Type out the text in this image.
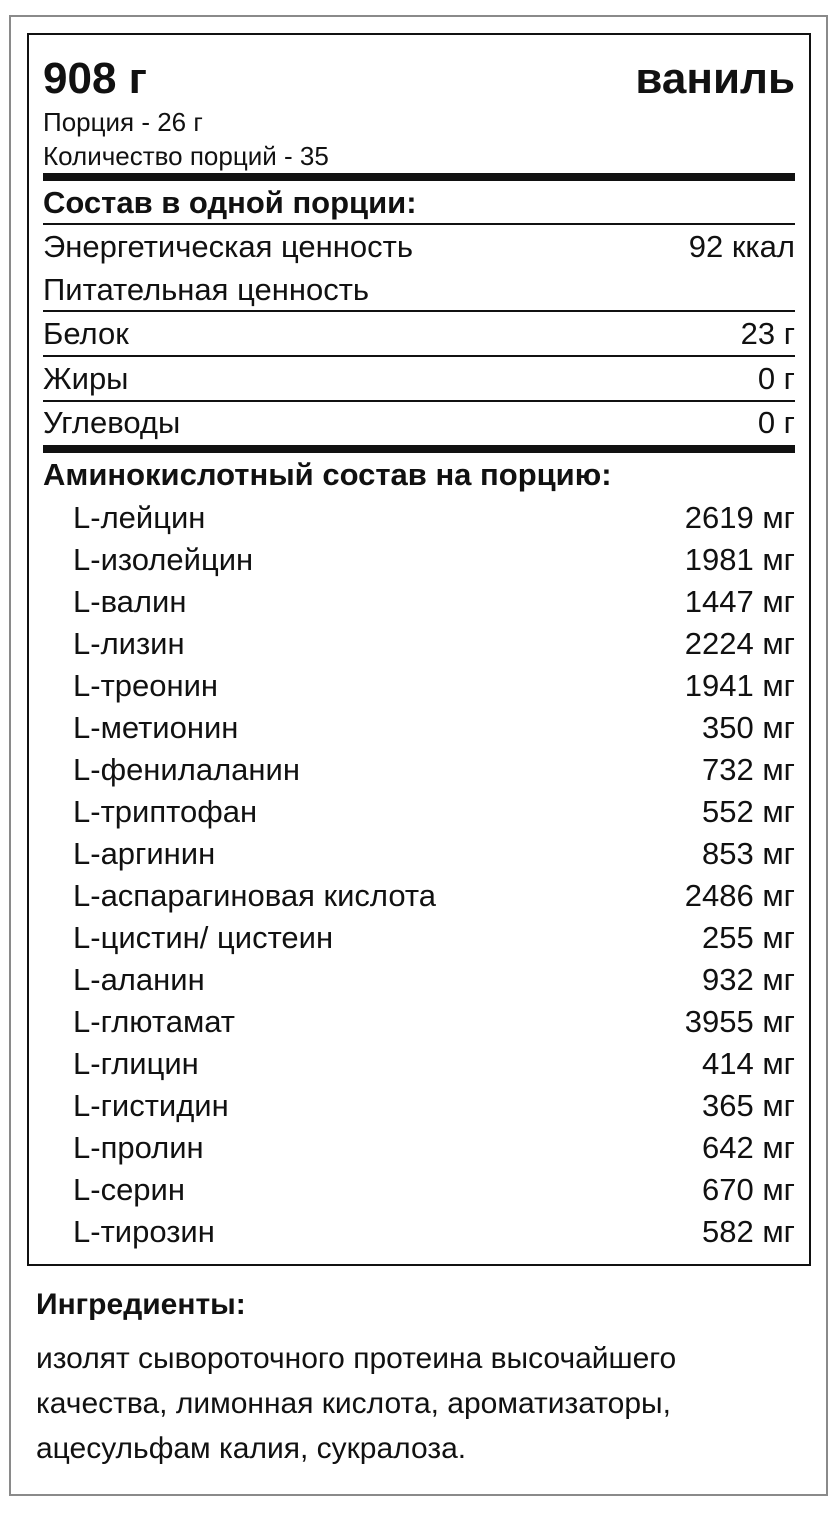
908 г	ваниль
Порция - 26 г
Количество порций - 35
Состав в одной порции:
Энергетическая ценность	92 ккал
Питательная ценность
Белок	23 г
Жиры	0 г
Углеводы	0 г
Аминокислотный состав на порцию:
L-лейцин	2619 мг
L-изолейцин	1981 мг
L-валин	1447 мг
L-лизин	2224 мг
L-треонин	1941 мг
L-метионин	350 мг
L-фенилаланин	732 мг
L-триптофан	552 мг
L-аргинин	853 мг
L-аспарагиновая кислота	2486 мг
L-цистин/ цистеин	255 мг
L-аланин	932 мг
L-глютамат	3955 мг
L-глицин	414 мг
L-гистидин	365 мг
L-пролин	642 мг
L-серин	670 мг
L-тирозин	582 мг
Ингредиенты:
изолят сывороточного протеина высочайшего
качества, лимонная кислота, ароматизаторы,
ацесульфам калия, сукралоза.
